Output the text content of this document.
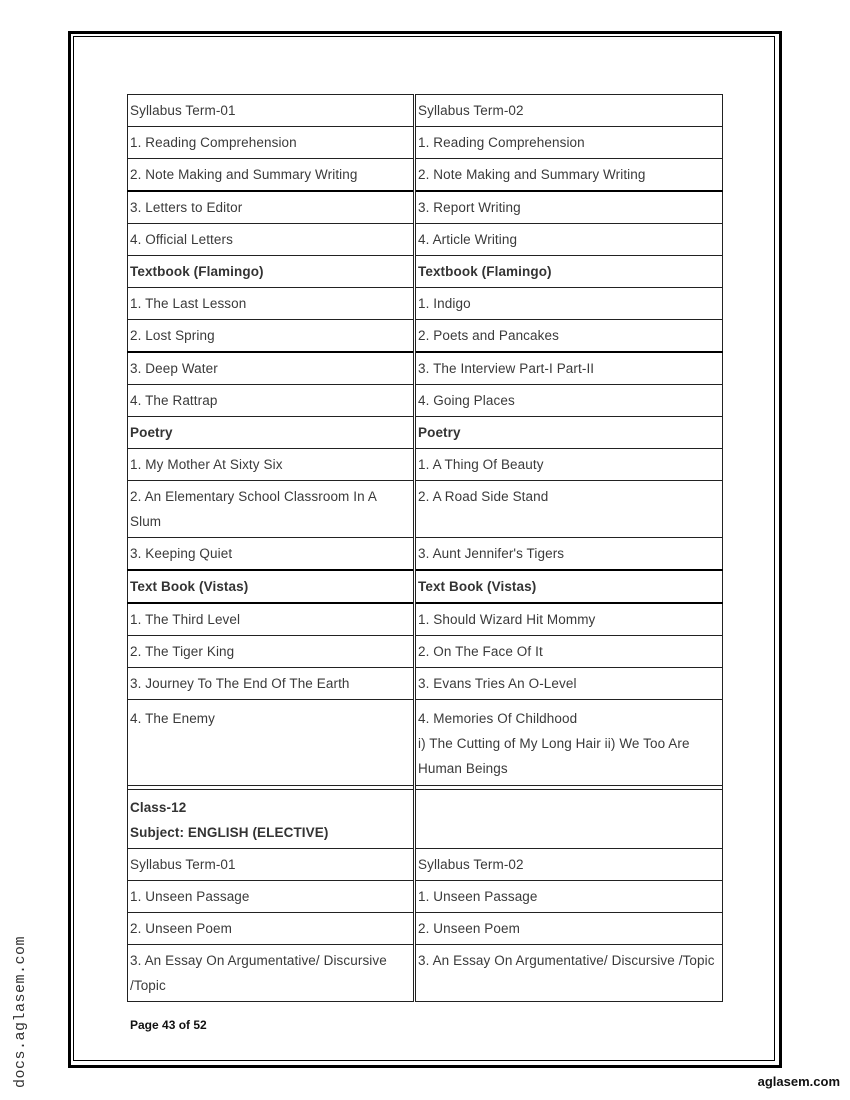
Syllabus Term-01	Syllabus Term-02
1. Reading Comprehension	1. Reading Comprehension
2. Note Making and Summary Writing	2. Note Making and Summary Writing
3. Letters to Editor	3. Report Writing
4. Official Letters	4. Article Writing
Textbook (Flamingo)	Textbook (Flamingo)
1. The Last Lesson	1. Indigo
2. Lost Spring	2. Poets and Pancakes
3. Deep Water	3. The Interview Part-I Part-II
4. The Rattrap	4. Going Places
Poetry	Poetry
1. My Mother At Sixty Six	1. A Thing Of Beauty
2. An Elementary School Classroom In A Slum	2. A Road Side Stand
3. Keeping Quiet	3. Aunt Jennifer's Tigers
Text Book (Vistas)	Text Book (Vistas)
1. The Third Level	1. Should Wizard Hit Mommy
2. The Tiger King	2. On The Face Of It
3. Journey To The End Of The Earth	3. Evans Tries An O-Level
4. The Enemy	4. Memories Of Childhood
i) The Cutting of My Long Hair ii) We Too Are Human Beings

Class-12
Subject: ENGLISH (ELECTIVE)	

Syllabus Term-01	Syllabus Term-02
1. Unseen Passage	1. Unseen Passage
2. Unseen Poem	2. Unseen Poem
3. An Essay On Argumentative/ Discursive /Topic	3. An Essay On Argumentative/ Discursive /Topic
Page 43 of 52
docs.aglasem.com	aglasem.com
